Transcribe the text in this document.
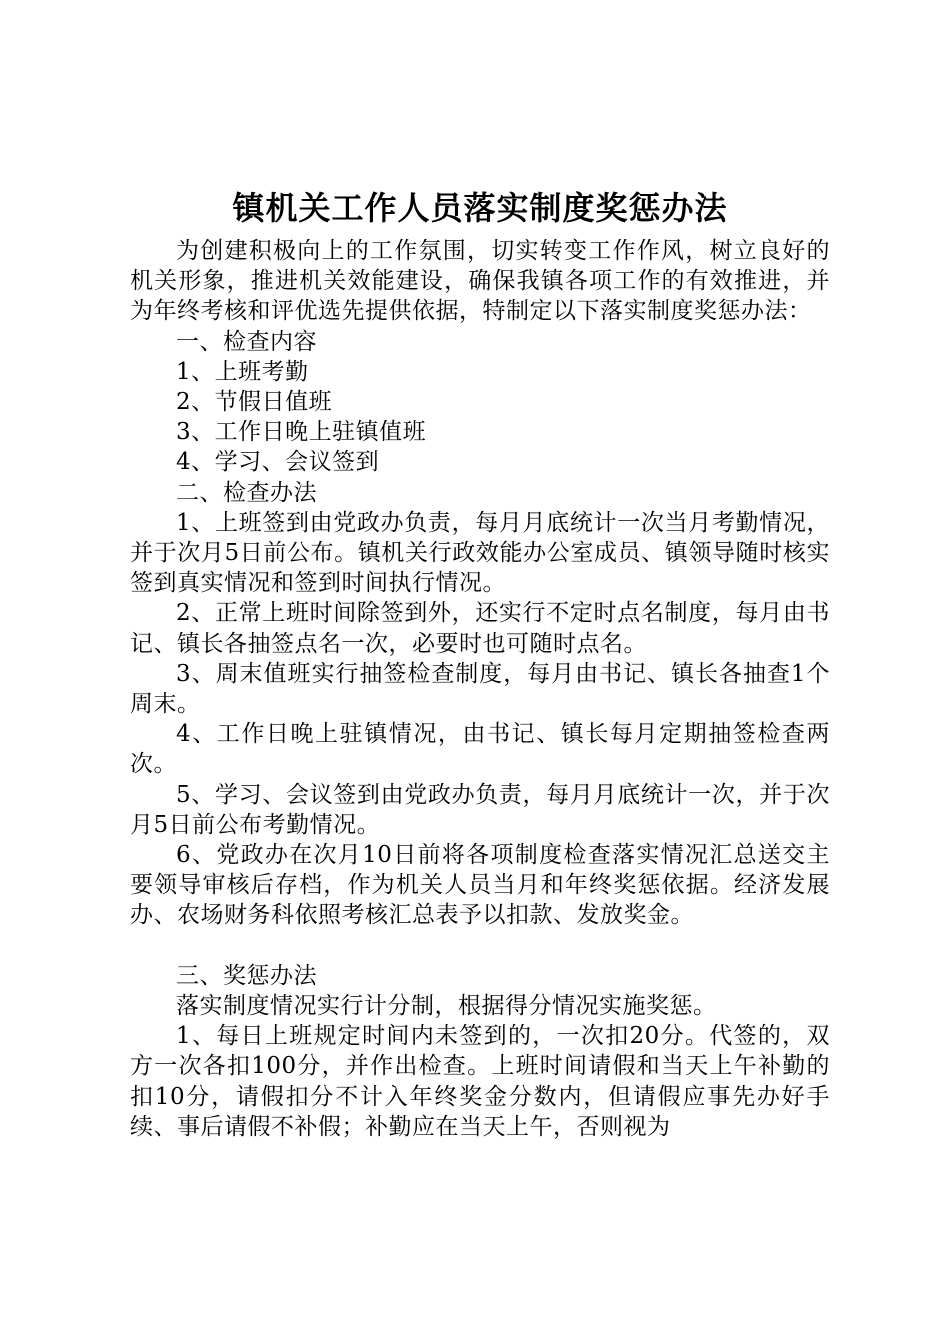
镇机关工作人员落实制度奖惩办法

为创建积极向上的工作氛围，切实转变工作作风，树立良好的机关形象，推进机关效能建设，确保我镇各项工作的有效推进，并为年终考核和评优选先提供依据，特制定以下落实制度奖惩办法：

一、检查内容

1、上班考勤

2、节假日值班

3、工作日晚上驻镇值班

4、学习、会议签到

二、检查办法

1、上班签到由党政办负责，每月月底统计一次当月考勤情况，并于次月5日前公布。镇机关行政效能办公室成员、镇领导随时核实签到真实情况和签到时间执行情况。

2、正常上班时间除签到外，还实行不定时点名制度，每月由书记、镇长各抽签点名一次，必要时也可随时点名。

3、周末值班实行抽签检查制度，每月由书记、镇长各抽查1个周末。

4、工作日晚上驻镇情况，由书记、镇长每月定期抽签检查两次。

5、学习、会议签到由党政办负责，每月月底统计一次，并于次月5日前公布考勤情况。

6、党政办在次月10日前将各项制度检查落实情况汇总送交主要领导审核后存档，作为机关人员当月和年终奖惩依据。经济发展办、农场财务科依照考核汇总表予以扣款、发放奖金。

三、奖惩办法

落实制度情况实行计分制，根据得分情况实施奖惩。

1、每日上班规定时间内未签到的，一次扣20分。代签的，双方一次各扣100分，并作出检查。上班时间请假和当天上午补勤的扣10分，请假扣分不计入年终奖金分数内，但请假应事先办好手续、事后请假不补假；补勤应在当天上午，否则视为
